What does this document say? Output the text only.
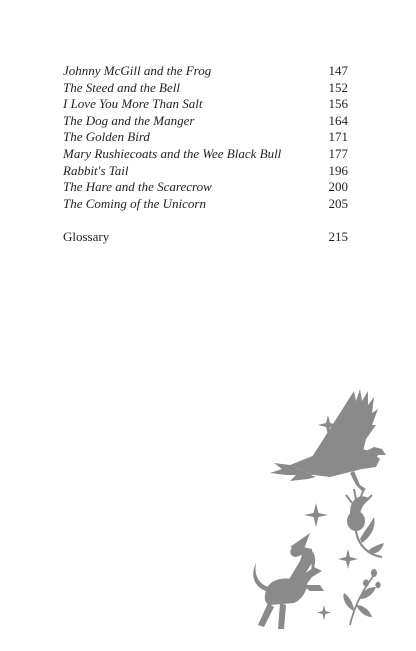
Johnny McGill and the Frog	147
The Steed and the Bell	152
I Love You More Than Salt	156
The Dog and the Manger	164
The Golden Bird	171
Mary Rushiecoats and the Wee Black Bull	177
Rabbit's Tail	196
The Hare and the Scarecrow	200
The Coming of the Unicorn	205
Glossary	215
